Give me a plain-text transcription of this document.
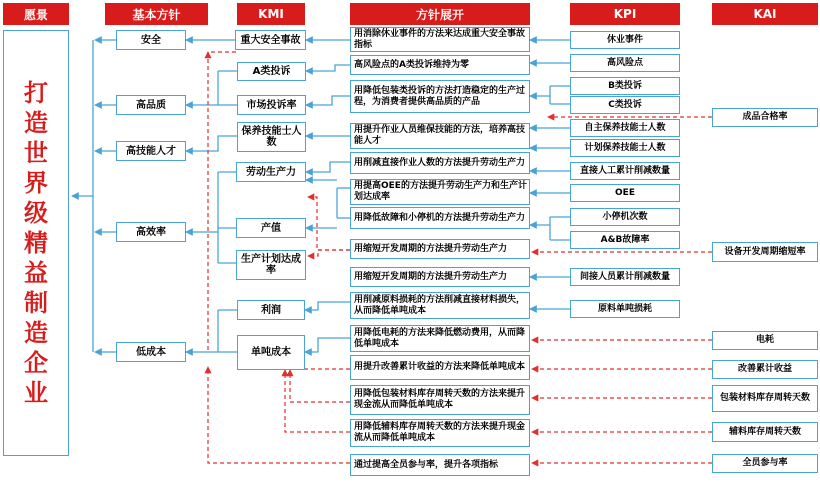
愿景	基本方针	KMI	方针展开	KPI	KAI
打
造
世
界
级
精
益
制
造
企
业
安全
高品质
高技能人才
高效率
低成本
重大安全事故
A类投诉
市场投诉率
保养技能士人数
劳动生产力
产值
生产计划达成率
利润
单吨成本
用消除休业事件的方法来达成重大安全事故指标
高风险点的A类投诉维持为零
用降低包装类投诉的方法打造稳定的生产过程，为消费者提供高品质的产品
用提升作业人员维保技能的方法，培养高技能人才
用削减直接作业人数的方法提升劳动生产力
用提高OEE的方法提升劳动生产力和生产计划达成率
用降低故障和小停机的方法提升劳动生产力
用缩短开发周期的方法提升劳动生产力
用缩短开发周期的方法提升劳动生产力
用削减原料损耗的方法削减直接材料损失，从而降低单吨成本
用降低电耗的方法来降低燃动费用，从而降低单吨成本
用提升改善累计收益的方法来降低单吨成本
用降低包装材料库存周转天数的方法来提升现金流从而降低单吨成本
用降低辅料库存周转天数的方法来提升现金流从而降低单吨成本
通过提高全员参与率，提升各项指标
休业事件
高风险点
B类投诉
C类投诉
自主保养技能士人数
计划保养技能士人数
直接人工累计削减数量
OEE
小停机次数
A&B故障率
间接人员累计削减数量
原料单吨损耗
成品合格率
设备开发周期缩短率
电耗
改善累计收益
包装材料库存周转天数
辅料库存周转天数
全员参与率
